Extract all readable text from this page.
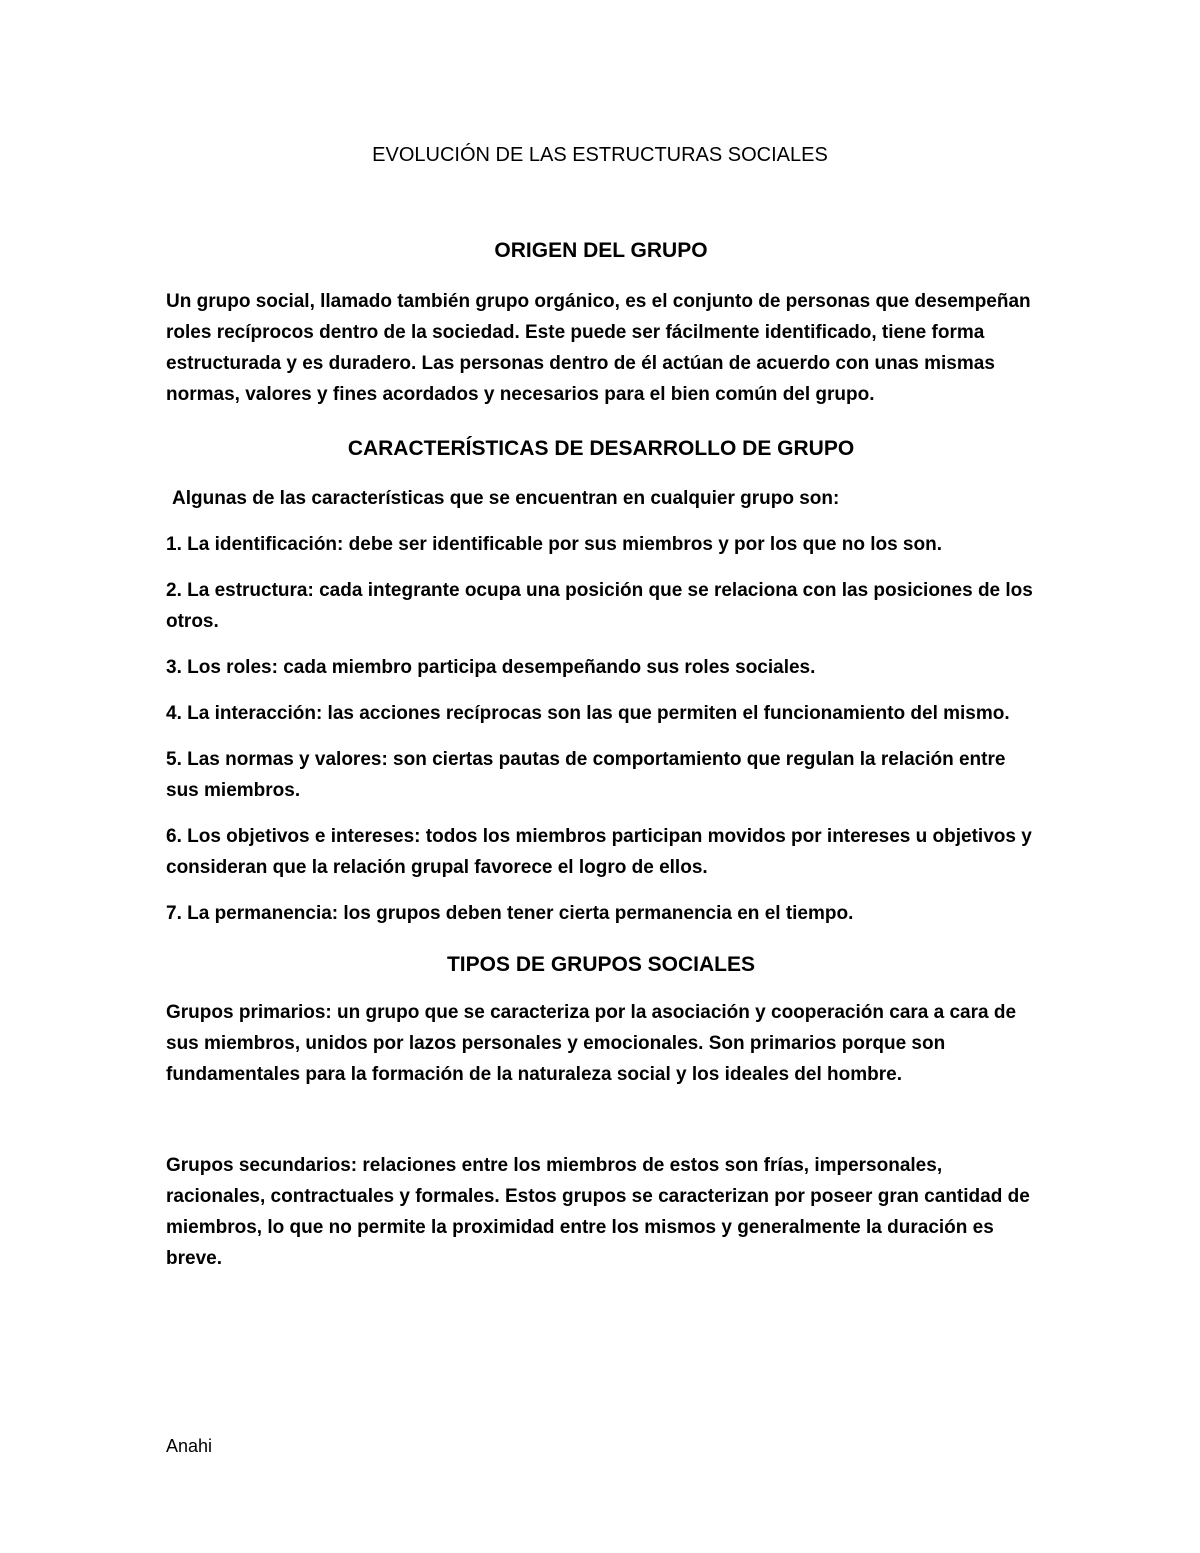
EVOLUCIÓN DE LAS ESTRUCTURAS SOCIALES
ORIGEN DEL GRUPO

Un grupo social, llamado también grupo orgánico, es el conjunto de personas que desempeñan roles recíprocos dentro de la sociedad. Este puede ser fácilmente identificado, tiene forma estructurada y es duradero. Las personas dentro de él actúan de acuerdo con unas mismas normas, valores y fines acordados y necesarios para el bien común del grupo.

CARACTERÍSTICAS DE DESARROLLO DE GRUPO

Algunas de las características que se encuentran en cualquier grupo son:

1. La identificación: debe ser identificable por sus miembros y por los que no los son.

2. La estructura: cada integrante ocupa una posición que se relaciona con las posiciones de los otros.

3. Los roles: cada miembro participa desempeñando sus roles sociales.

4. La interacción: las acciones recíprocas son las que permiten el funcionamiento del mismo.

5. Las normas y valores: son ciertas pautas de comportamiento que regulan la relación entre sus miembros.

6. Los objetivos e intereses: todos los miembros participan movidos por intereses u objetivos y consideran que la relación grupal favorece el logro de ellos.

7. La permanencia: los grupos deben tener cierta permanencia en el tiempo.

TIPOS DE GRUPOS SOCIALES

Grupos primarios: un grupo que se caracteriza por la asociación y cooperación cara a cara de sus miembros, unidos por lazos personales y emocionales. Son primarios porque son fundamentales para la formación de la naturaleza social y los ideales del hombre.

Grupos secundarios: relaciones entre los miembros de estos son frías, impersonales, racionales, contractuales y formales. Estos grupos se caracterizan por poseer gran cantidad de miembros, lo que no permite la proximidad entre los mismos y generalmente la duración es breve.

Anahi
